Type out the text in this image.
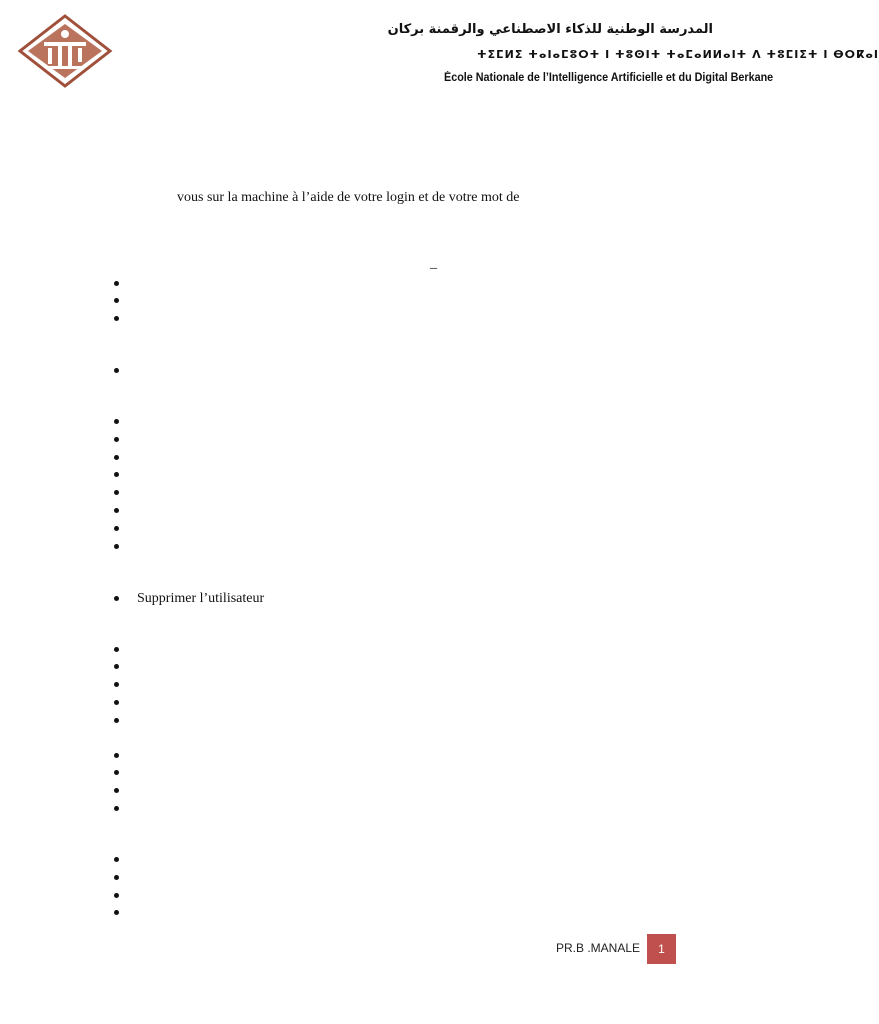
المدرسة الوطنية للذكاء الاصطناعي والرقمنة بركان

ⵜⵉⵎⵍⵉ ⵜⴰⵏⴰⵎⵓⵔⵜ ⵏ ⵜⵓⵙⵏⵜ ⵜⴰⵎⴰⵍⵍⴰⵏⵜ ⴷ ⵜⵓⵎⵏⵉⵜ ⵏ ⴱⵔⴽⴰⵏ

École Nationale de l’Intelligence Artificielle et du Digital Berkane

vous sur la machine à l’aide de votre login et de votre mot de

_

Supprimer l’utilisateur
PR.B .MANALE	1
